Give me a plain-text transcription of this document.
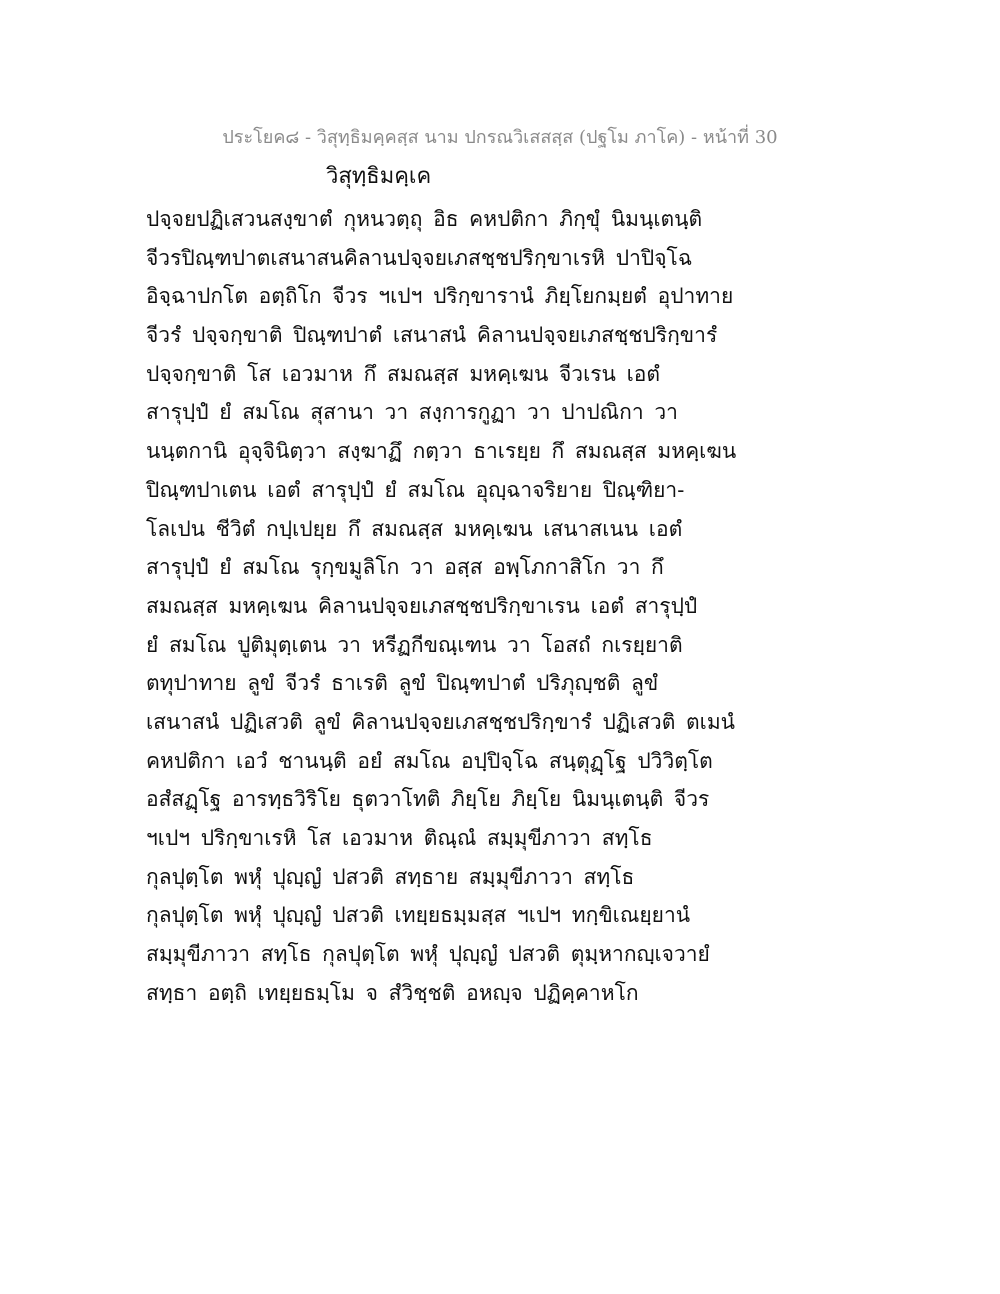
ประโยค๘ - วิสุทฺธิมคฺคสฺส นาม ปกรณวิเสสสฺส (ปฐโม ภาโค) - หน้าที่ 30
วิสุทฺธิมคฺเค
ปจฺจยปฏิเสวนสงฺขาตํ กุหนวตฺถุ อิธ คหปติกา ภิกฺขุํ นิมนฺเตนฺติ
จีวรปิณฺฑปาตเสนาสนคิลานปจฺจยเภสชฺชปริกฺขาเรหิ ปาปิจฺโฉ
อิจฺฉาปกโต อตฺถิโก จีวร ฯเปฯ ปริกฺขารานํ ภิยฺโยกมฺยตํ อุปาทาย
จีวรํ ปจฺจกฺขาติ ปิณฺฑปาตํ เสนาสนํ คิลานปจฺจยเภสชฺชปริกฺขารํ
ปจฺจกฺขาติ โส เอวมาห กึ สมณสฺส มหคฺเฆน จีวเรน เอตํ
สารุปฺปํ ยํ สมโณ สุสานา วา สงฺการกูฏา วา ปาปณิกา วา
นนฺตกานิ อุจฺจินิตฺวา สงฺฆาฏึ กตฺวา ธาเรยฺย กึ สมณสฺส มหคฺเฆน
ปิณฺฑปาเตน เอตํ สารุปฺปํ ยํ สมโณ อุญฺฉาจริยาย ปิณฺฑิยา-
โลเปน ชีวิตํ กปฺเปยฺย กึ สมณสฺส มหคฺเฆน เสนาสเนน เอตํ
สารุปฺปํ ยํ สมโณ รุกฺขมูลิโก วา อสฺส อพฺโภกาสิโก วา กึ
สมณสฺส มหคฺเฆน คิลานปจฺจยเภสชฺชปริกฺขาเรน เอตํ สารุปฺปํ
ยํ สมโณ ปูติมุตฺเตน วา หรีฏกีขณฺเฑน วา โอสถํ กเรยฺยาติ
ตทุปาทาย ลูขํ จีวรํ ธาเรติ ลูขํ ปิณฺฑปาตํ ปริภุญฺชติ ลูขํ
เสนาสนํ ปฏิเสวติ ลูขํ คิลานปจฺจยเภสชฺชปริกฺขารํ ปฏิเสวติ ตเมนํ
คหปติกา เอวํ ชานนฺติ อยํ สมโณ อปฺปิจฺโฉ สนฺตุฏฺโฐ ปวิวิตฺโต
อสํสฏฺโฐ อารทฺธวิริโย ธุตวาโทติ ภิยฺโย ภิยฺโย นิมนฺเตนฺติ จีวร
ฯเปฯ ปริกฺขาเรหิ โส เอวมาห ติณฺณํ สมฺมุขีภาวา สทฺโธ
กุลปุตฺโต พหุํ ปุญฺญํ ปสวติ สทฺธาย สมฺมุขีภาวา สทฺโธ
กุลปุตฺโต พหุํ ปุญฺญํ ปสวติ เทยฺยธมฺมสฺส ฯเปฯ ทกฺขิเณยฺยานํ
สมฺมุขีภาวา สทฺโธ กุลปุตฺโต พหุํ ปุญฺญํ ปสวติ ตุมฺหากญฺเจวายํ
สทฺธา อตฺถิ เทยฺยธมฺโม จ สํวิชฺชติ อหญฺจ ปฏิคฺคาหโก
